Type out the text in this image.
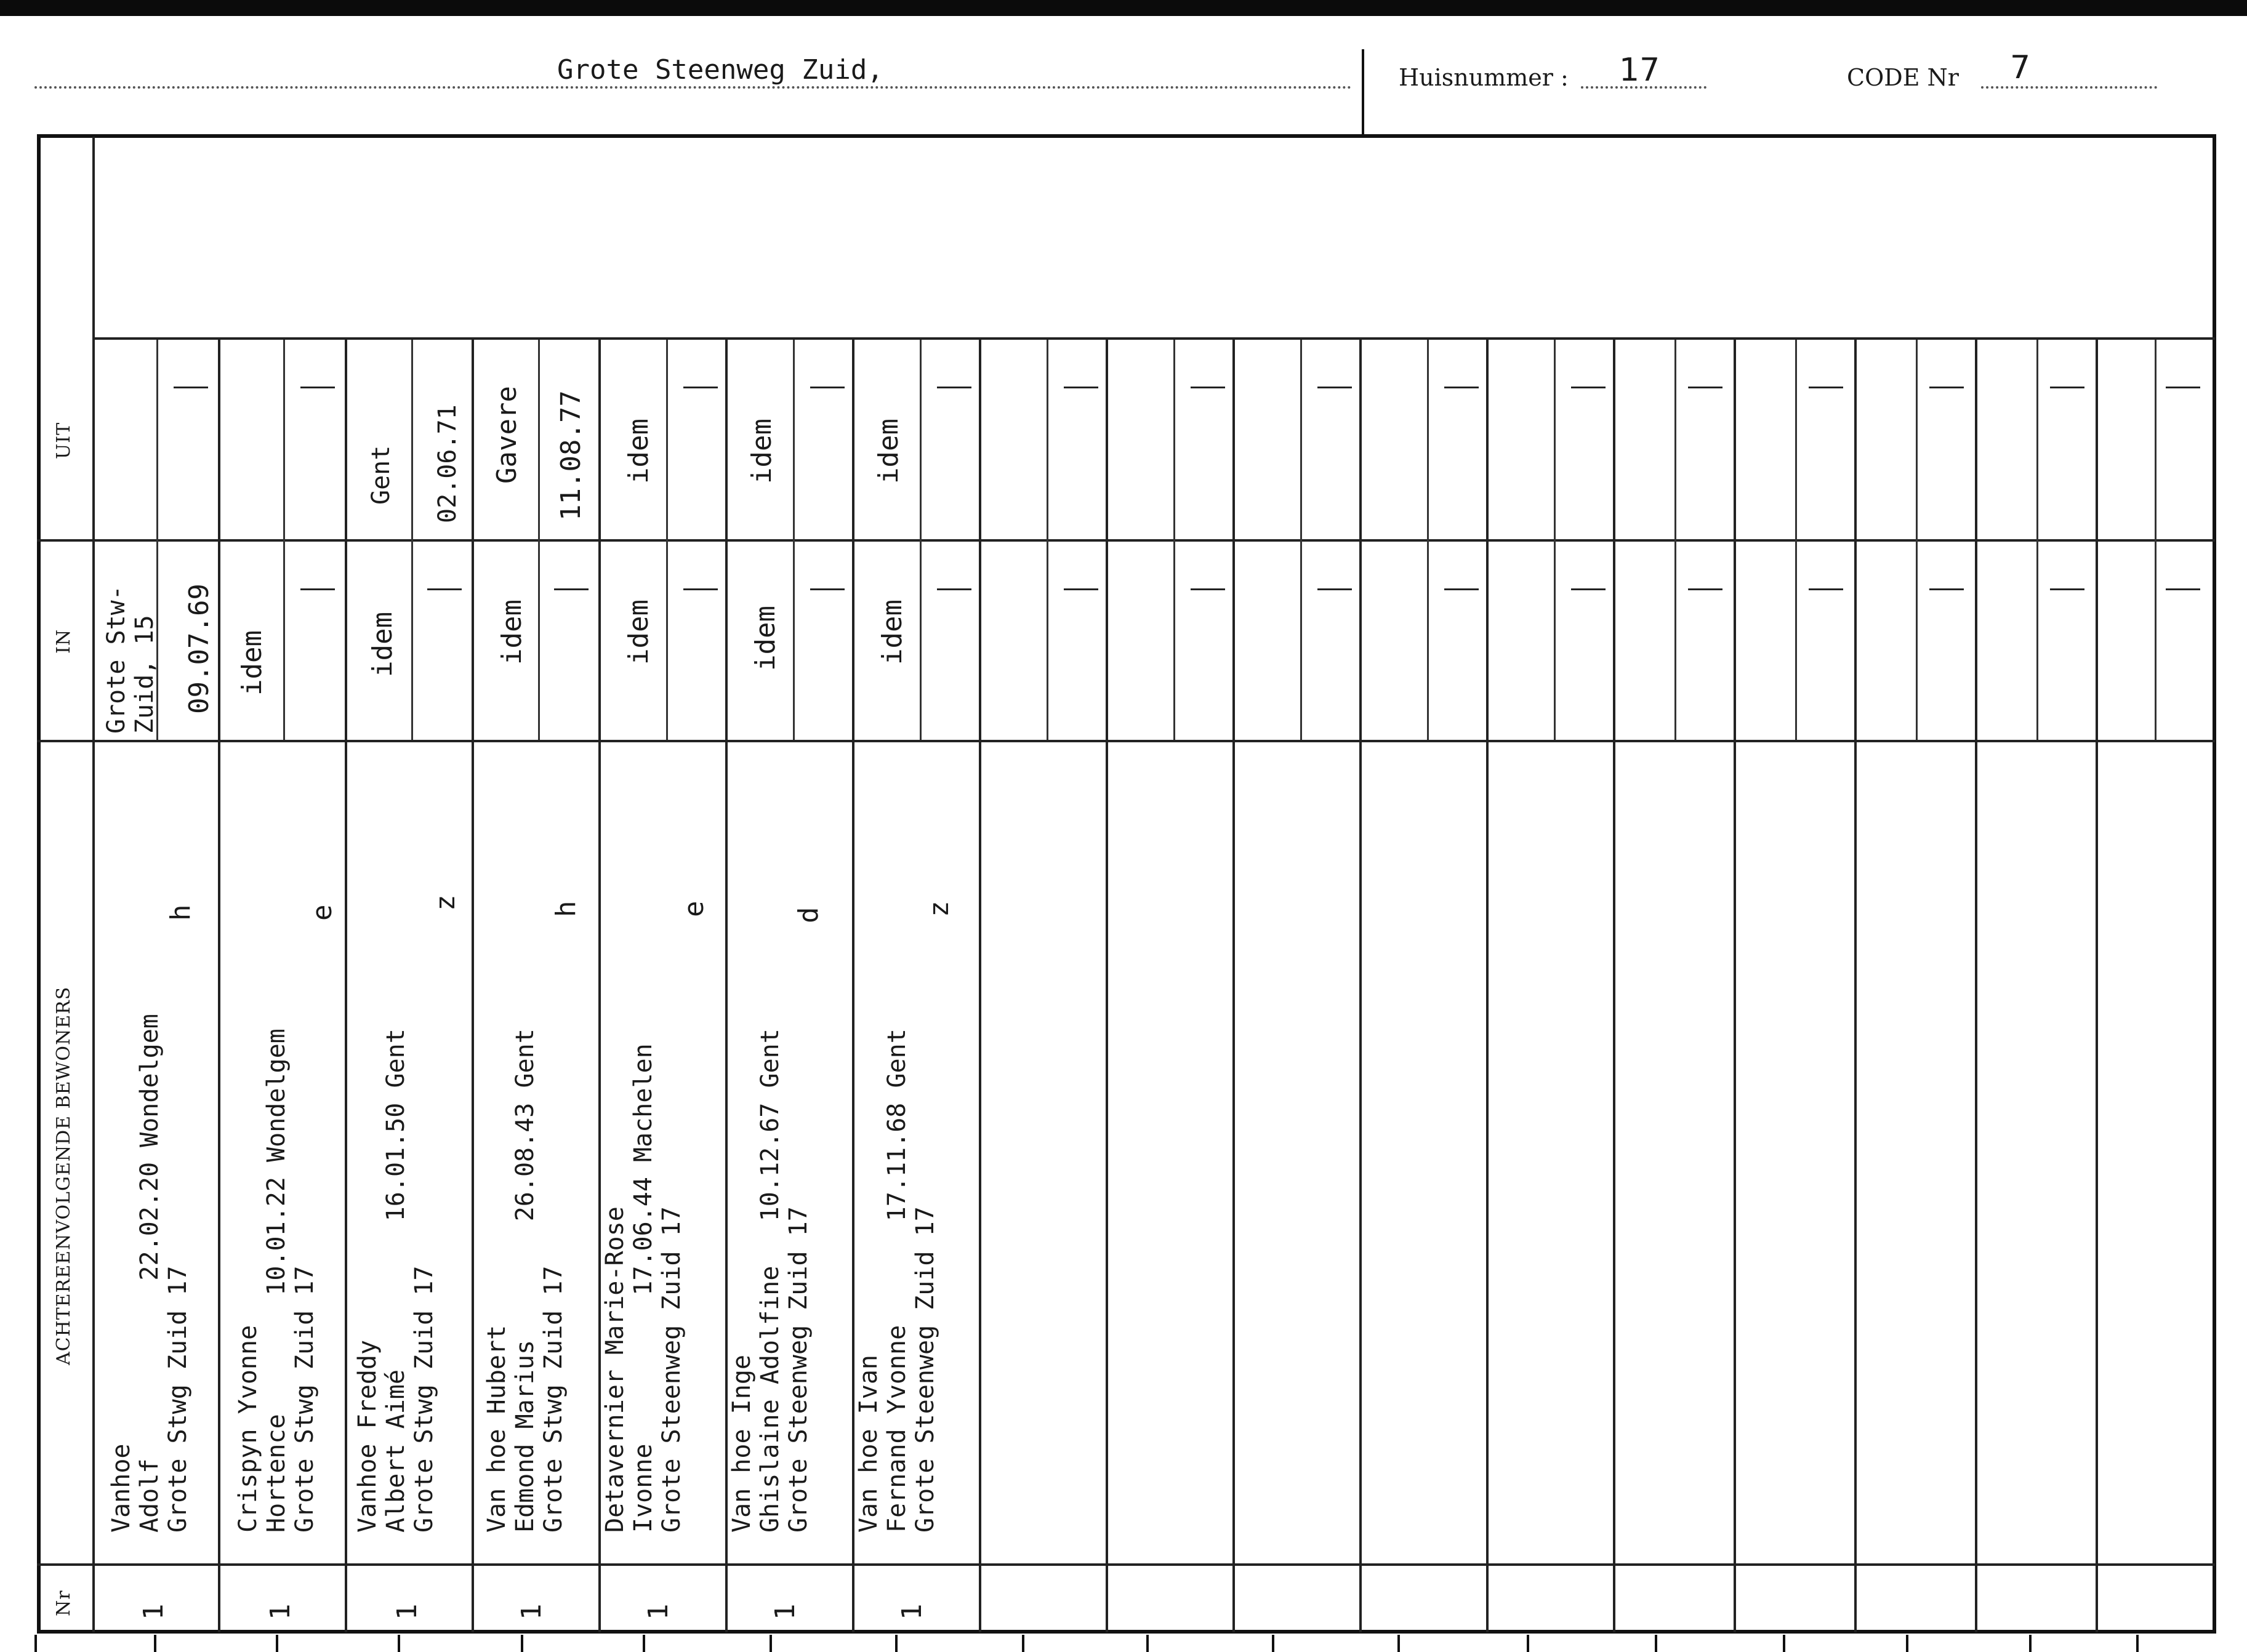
Grote Steenweg Zuid,	Huisnummer : 17	CODE Nr 7
UIT
IN
ACHTEREENVOLGENDE BEWONERS
Nr
Vanhoe Adolf            22.02.20 Wondelgem Grote Stwg Zuid 17
h
Grote Stw- Zuid, 15 09.07.69
1
Crispyn Yvonne Hortence        10.01.22 Wondelgem Grote Stwg Zuid 17
e
idem
1
Vanhoe Freddy Albert Aimé          16.01.50 Gent Grote Stwg Zuid 17
z
idem
Gent 02.06.71
1
Van hoe Hubert Edmond Marius        26.08.43 Gent Grote Stwg Zuid 17
h
idem
Gavere 11.08.77
1
Detavernier Marie-Rose Ivonne          17.06.44 Machelen Grote Steenweg Zuid 17
e
idem
idem
1
Van hoe Inge Ghislaine Adolfine   10.12.67 Gent Grote Steenweg Zuid 17
d
idem
idem
1
Van hoe Ivan Fernand Yvonne       17.11.68 Gent Grote Steenweg Zuid 17
z
idem
idem
1
